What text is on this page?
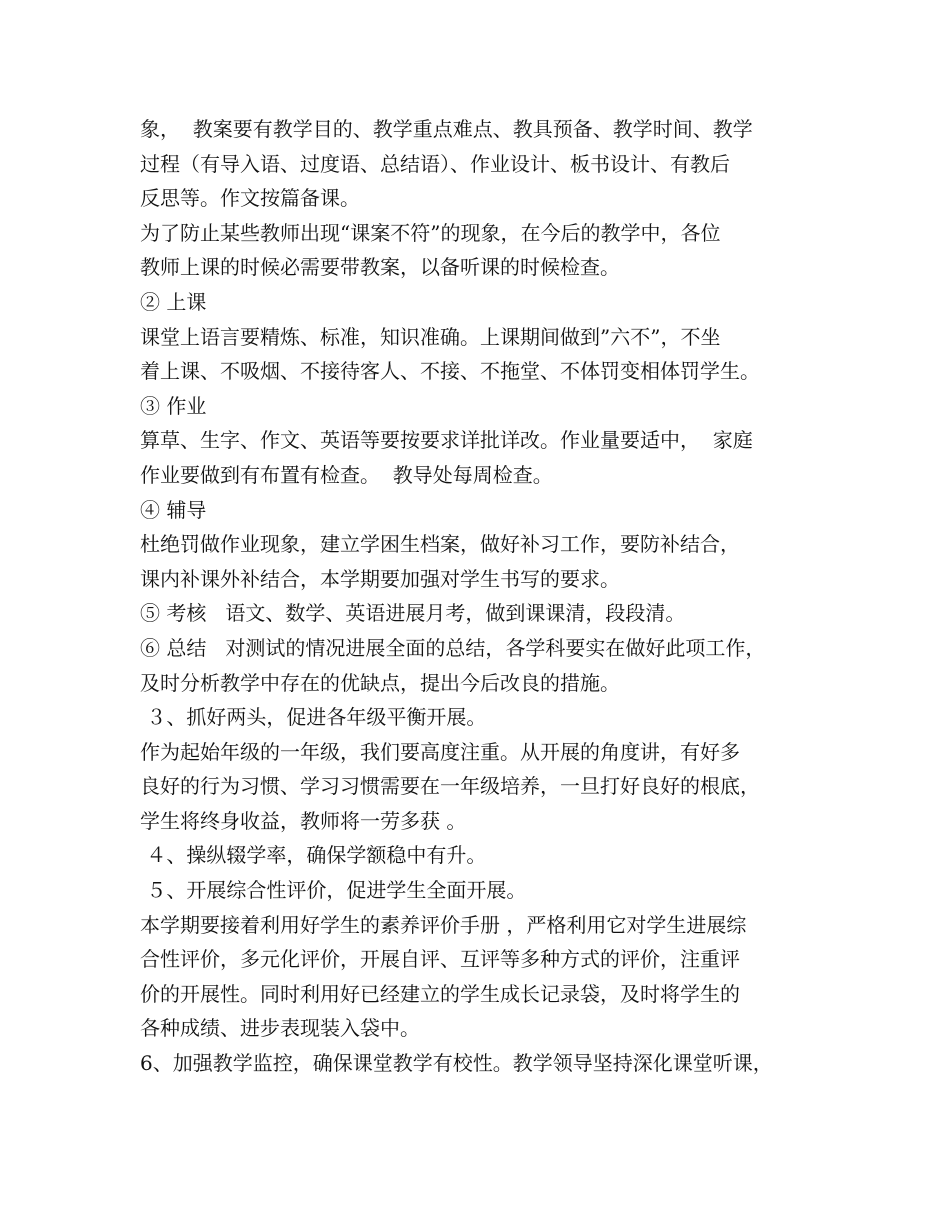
象，  教案要有教学目的、教学重点难点、教具预备、教学时间、教学
过程（有导入语、过度语、总结语）、作业设计、板书设计、有教后
反思等。作文按篇备课。
为了防止某些教师出现“课案不符”的现象，在今后的教学中，各位
教师上课的时候必需要带教案，以备听课的时候检查。
② 上课
课堂上语言要精炼、标准，知识准确。上课期间做到”六不”，不坐
着上课、不吸烟、不接待客人、不接、不拖堂、不体罚变相体罚学生。
③ 作业
算草、生字、作文、英语等要按要求详批详改。作业量要适中，  家庭
作业要做到有布置有检查。  教导处每周检查。
④ 辅导
杜绝罚做作业现象，建立学困生档案，做好补习工作，要防补结合，
课内补课外补结合，本学期要加强对学生书写的要求。
⑤ 考核   语文、数学、英语进展月考，做到课课清，段段清。
⑥ 总结   对测试的情况进展全面的总结，各学科要实在做好此项工作，
及时分析教学中存在的优缺点，提出今后改良的措施。
３、抓好两头，促进各年级平衡开展。
作为起始年级的一年级，我们要高度注重。从开展的角度讲，有好多
良好的行为习惯、学习习惯需要在一年级培养，一旦打好良好的根底，
学生将终身收益，教师将一劳多获 。
４、操纵辍学率，确保学额稳中有升。
５、开展综合性评价，促进学生全面开展。
本学期要接着利用好学生的素养评价手册 ，严格利用它对学生进展综
合性评价，多元化评价，开展自评、互评等多种方式的评价，注重评
价的开展性。同时利用好已经建立的学生成长记录袋，及时将学生的
各种成绩、进步表现装入袋中。
6、加强教学监控，确保课堂教学有校性。教学领导坚持深化课堂听课，
